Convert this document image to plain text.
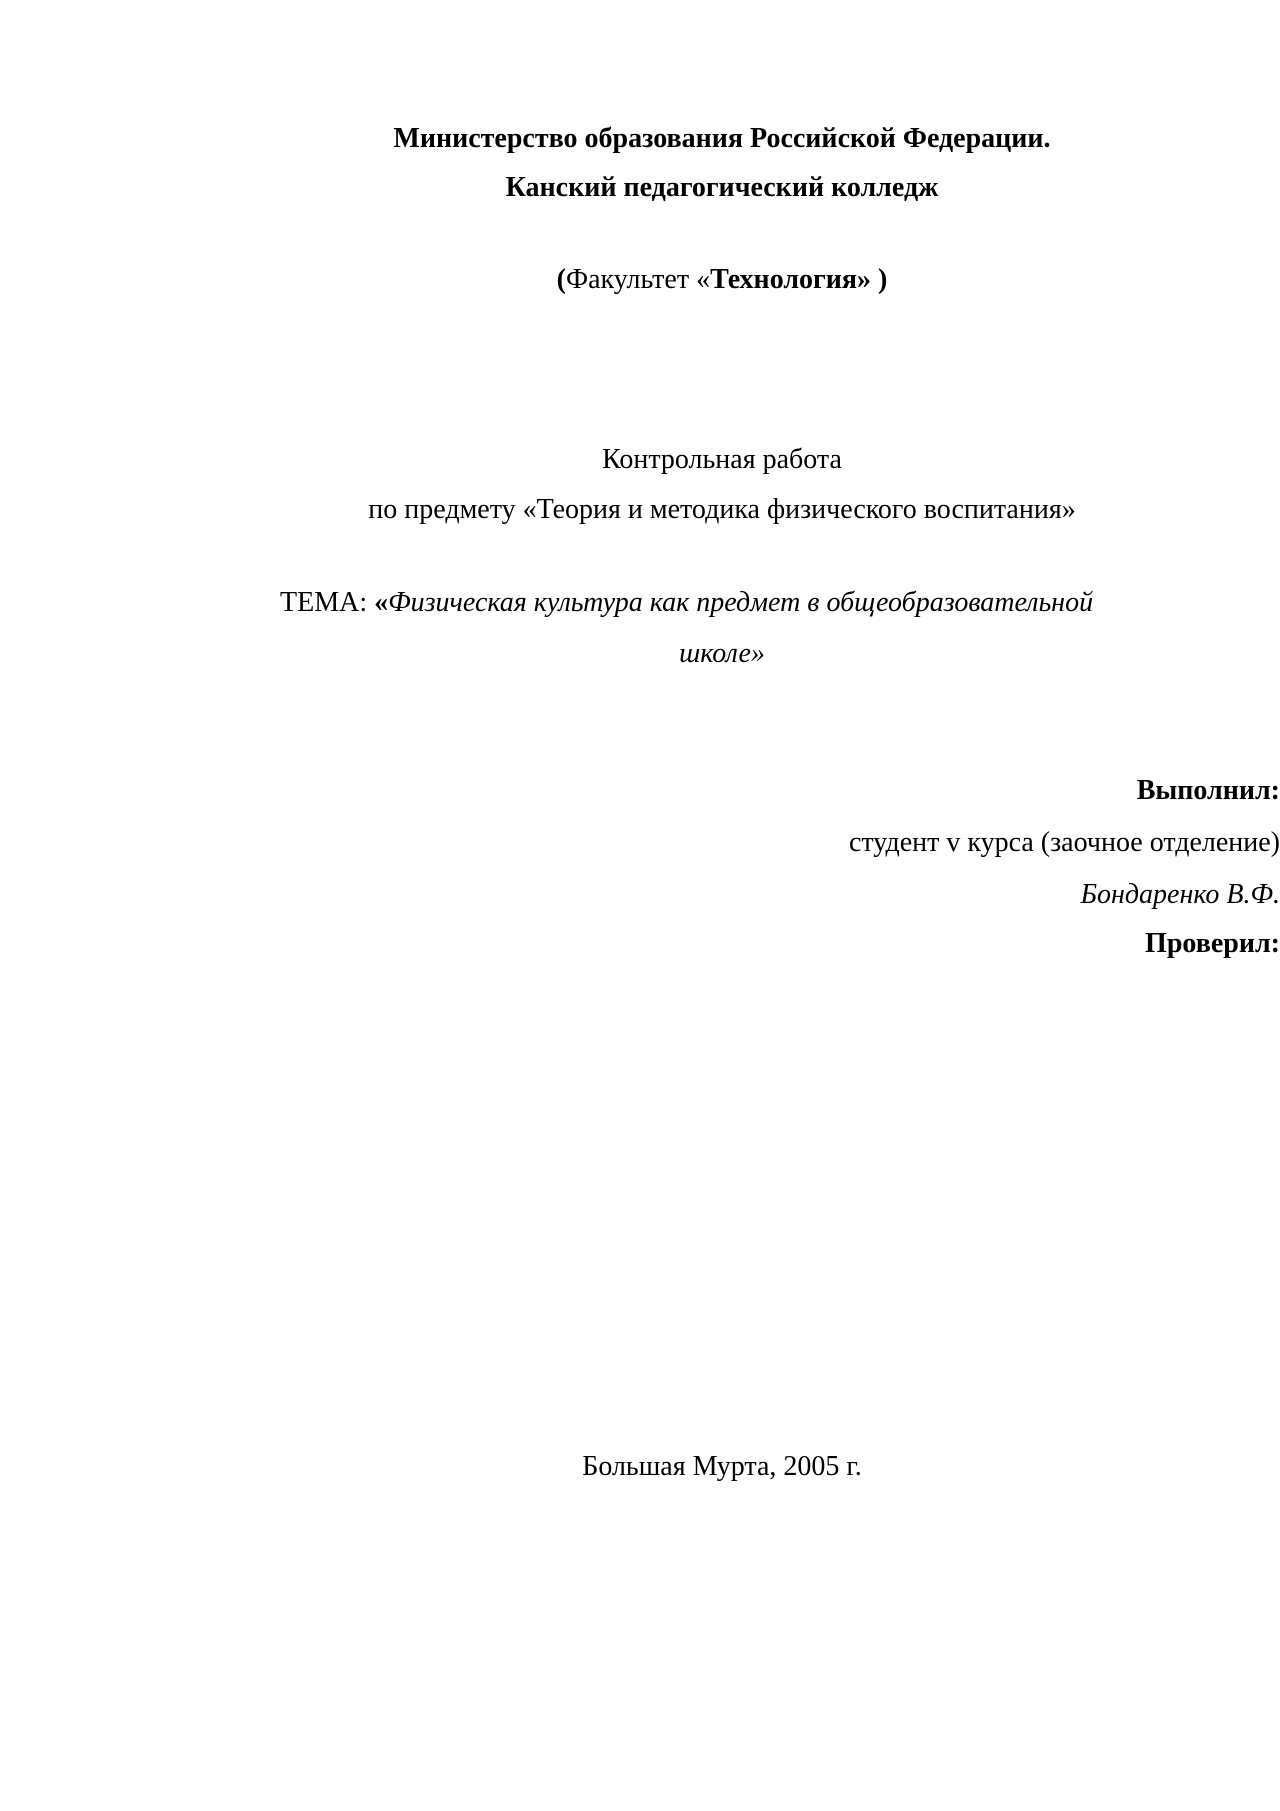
Министерство образования Российской Федерации.
Канский педагогический колледж
(Факультет «Технология» )
Контрольная работа
по предмету «Теория и методика физического воспитания»
ТЕМА: «Физическая культура как предмет в общеобразовательной
школе»
Выполнил:
студент v курса (заочное отделение)
Бондаренко В.Ф.
Проверил:
Большая Мурта, 2005 г.
